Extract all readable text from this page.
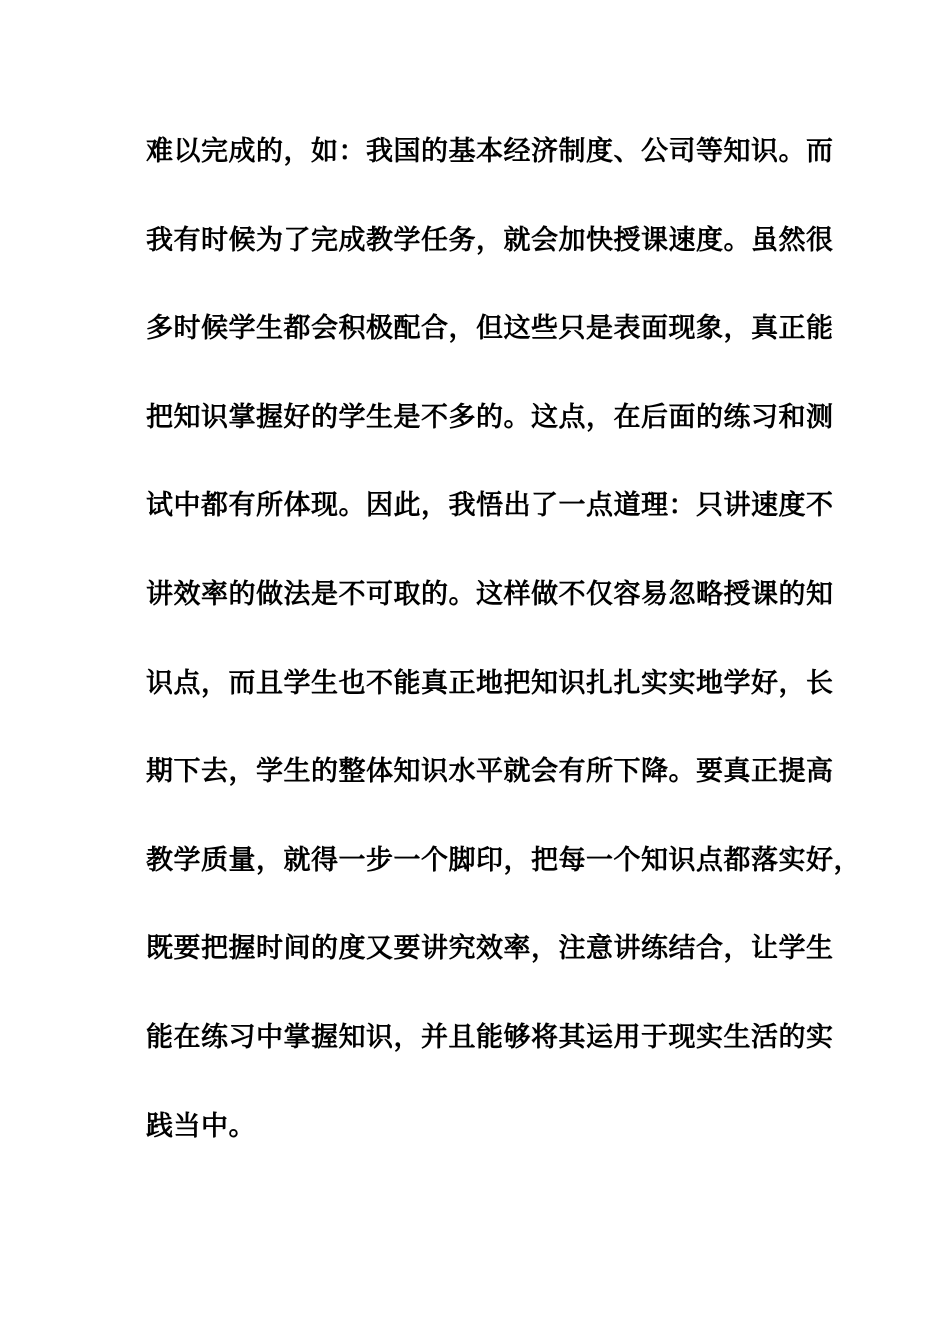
难以完成的，如：我国的基本经济制度、公司等知识。而
我有时候为了完成教学任务，就会加快授课速度。虽然很
多时候学生都会积极配合，但这些只是表面现象，真正能
把知识掌握好的学生是不多的。这点，在后面的练习和测
试中都有所体现。因此，我悟出了一点道理：只讲速度不
讲效率的做法是不可取的。这样做不仅容易忽略授课的知
识点，而且学生也不能真正地把知识扎扎实实地学好，长
期下去，学生的整体知识水平就会有所下降。要真正提高
教学质量，就得一步一个脚印，把每一个知识点都落实好，
既要把握时间的度又要讲究效率，注意讲练结合，让学生
能在练习中掌握知识，并且能够将其运用于现实生活的实
践当中。
